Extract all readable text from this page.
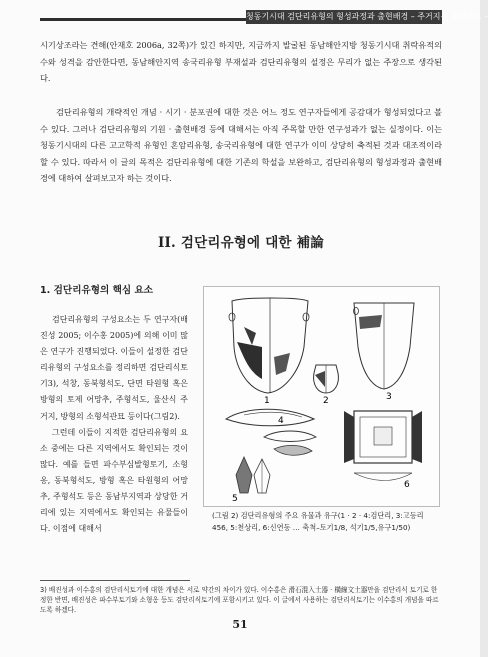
청동기시대 검단리유형의 형성과정과 출현배경 – 주거지를 중심으로 –

시기상조라는 견해(안재호 2006a, 32쪽)가 있긴 하지만, 지금까지 발굴된 동남해안지방 청동기시대 취락유적의 수와 성격을 감안한다면, 동남해안지역 송국리유형 부재설과 검단리유형의 설정은 무리가 없는 주장으로 생각된다.

검단리유형의 개략적인 개념 · 시기 · 분포권에 대한 것은 어느 정도 연구자들에게 공감대가 형성되었다고 볼 수 있다. 그러나 검단리유형의 기원 · 출현배경 등에 대해서는 아직 주목할 만한 연구성과가 없는 실정이다. 이는 청동기시대의 다른 고고학적 유형인 혼암리유형, 송국리유형에 대한 연구가 이미 상당히 축적된 것과 대조적이라 할 수 있다. 따라서 이 글의 목적은 검단리유형에 대한 기존의 학설을 보완하고, 검단리유형의 형성과정과 출현배경에 대하여 살펴보고자 하는 것이다.

II. 검단리유형에 대한 補論
1. 검단리유형의 핵심 요소

검단리유형의 구성요소는 두 연구자(배진성 2005; 이수홍 2005)에 의해 이미 많은 연구가 진행되었다. 이들이 설정한 검단리유형의 구성요소를 정리하면 검단리식토기3), 석창, 동북형석도, 단면 타원형 혹은 방형의 토제 어망추, 주형석도, 울산식 주거지, 방형의 소형석관묘 등이다(그림2).

그런데 이들이 지적한 검단리유형의 요소 중에는 다른 지역에서도 확인되는 것이 많다. 예를 들면 파수부심발형토기, 소형옹, 동북형석도, 방형 혹은 타원형의 어망추, 주형석도 등은 동남부지역과 상당한 거리에 있는 지역에서도 확인되는 유물들이다. 이점에 대해서

1	2	3
4
5
6
(그림 2) 검단리유형의 주요 유물과 유구(1 · 2 · 4:검단리, 3:고등리456, 5:천상리, 6:신연동 … 축척–토기1/8, 석기1/5,유구1/50)
3) 배진성과 이수홍의 검단리식토기에 대한 개념은 서로 약간의 차이가 있다. 이수홍은 滑石混入土器 · 橫線文土器만을 검단리식 토기로 한정한 반면, 배진성은 파수부토기와 소형옹 등도 검단리식토기에 포함시키고 있다. 이 글에서 사용하는 검단리식토기는 이수홍의 개념을 따르도록 하겠다.
51
